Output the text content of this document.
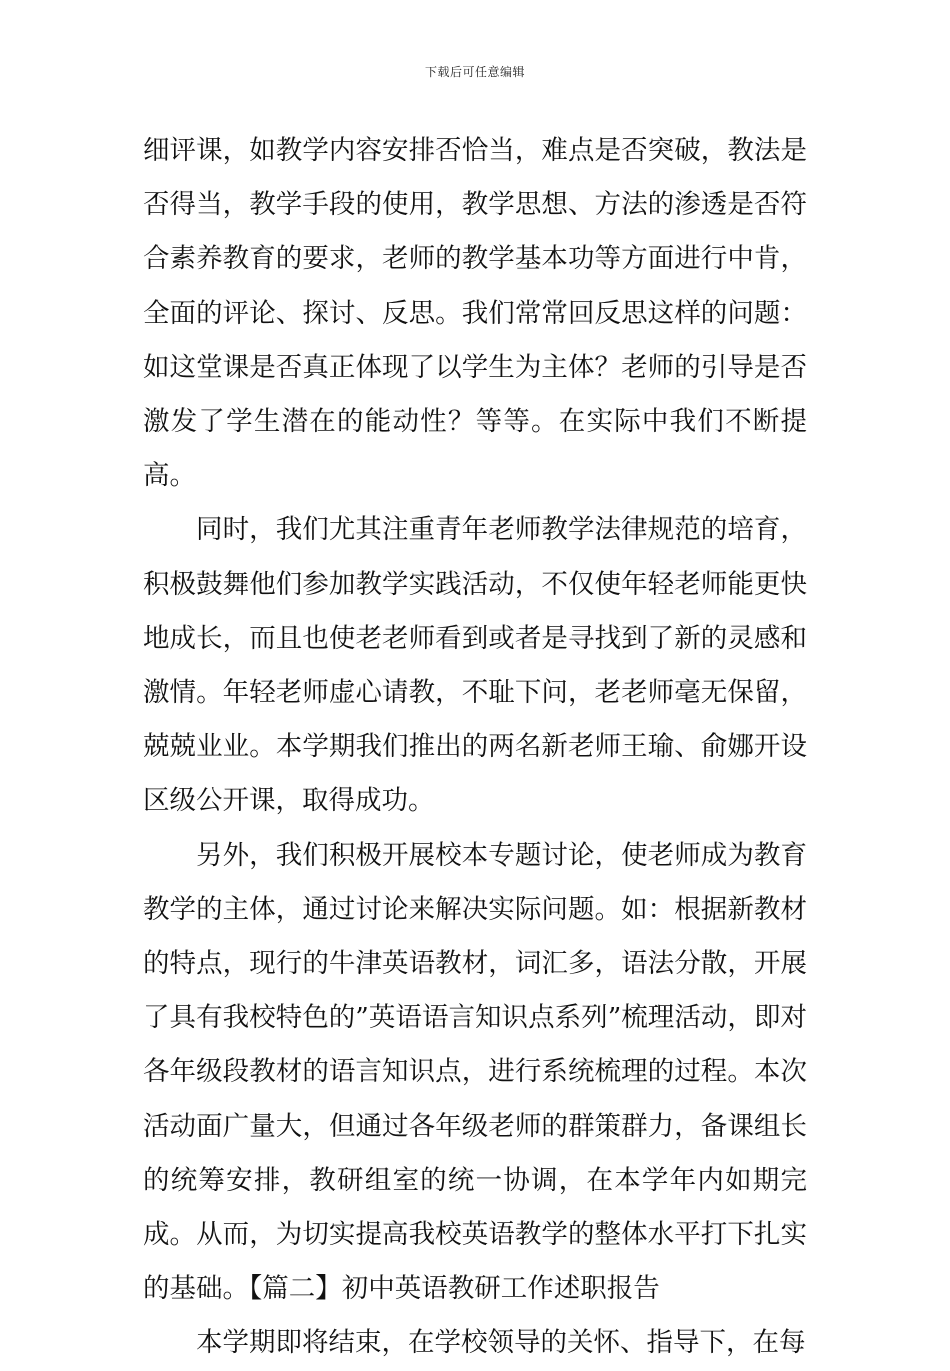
下载后可任意编辑

细评课，如教学内容安排否恰当，难点是否突破，教法是否得当，教学手段的使用，教学思想、方法的渗透是否符合素养教育的要求，老师的教学基本功等方面进行中肯，全面的评论、探讨、反思。我们常常回反思这样的问题：如这堂课是否真正体现了以学生为主体？老师的引导是否激发了学生潜在的能动性？等等。在实际中我们不断提高。

同时，我们尤其注重青年老师教学法律规范的培育，积极鼓舞他们参加教学实践活动，不仅使年轻老师能更快地成长，而且也使老老师看到或者是寻找到了新的灵感和激情。年轻老师虚心请教，不耻下问，老老师毫无保留，兢兢业业。本学期我们推出的两名新老师王瑜、俞娜开设区级公开课，取得成功。

另外，我们积极开展校本专题讨论，使老师成为教育教学的主体，通过讨论来解决实际问题。如：根据新教材的特点，现行的牛津英语教材，词汇多，语法分散，开展了具有我校特色的”英语语言知识点系列”梳理活动，即对各年级段教材的语言知识点，进行系统梳理的过程。本次活动面广量大，但通过各年级老师的群策群力，备课组长的统筹安排，教研组室的统一协调，在本学年内如期完成。从而，为切实提高我校英语教学的整体水平打下扎实的基础。【篇二】初中英语教研工作述职报告

本学期即将结束，在学校领导的关怀、指导下，在每
